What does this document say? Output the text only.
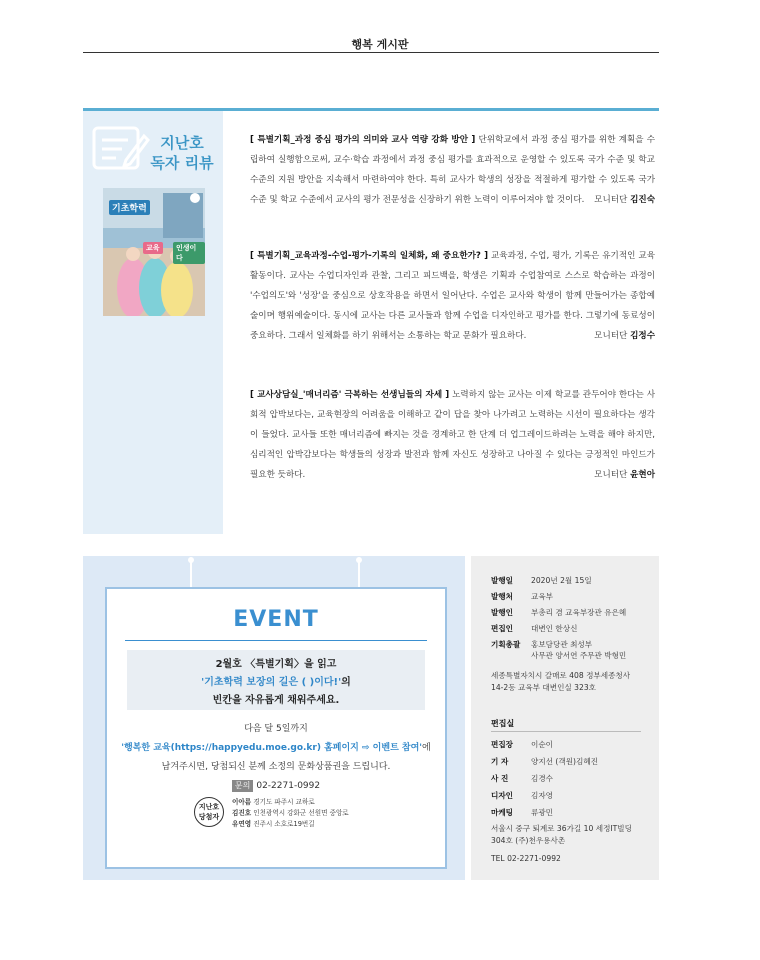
행복 게시판
지난호
독자 리뷰
기초학력
교육	인생이다
[ 특별기획_과정 중심 평가의 의미와 교사 역량 강화 방안 ] 단위학교에서 과정 중심 평가를 위한 계획을 수립하여 실행함으로써, 교수·학습 과정에서 과정 중심 평가를 효과적으로 운영할 수 있도록 국가 수준 및 학교 수준의 지원 방안을 지속해서 마련하여야 한다. 특히 교사가 학생의 성장을 적절하게 평가할 수 있도록 국가 수준 및 학교 수준에서 교사의 평가 전문성을 신장하기 위한 노력이 이루어져야 할 것이다. 모니터단 김진숙
[ 특별기획_교육과정-수업-평가-기록의 일체화, 왜 중요한가? ] 교육과정, 수업, 평가, 기록은 유기적인 교육활동이다. 교사는 수업디자인과 관찰, 그리고 피드백을, 학생은 기획과 수업참여로 스스로 학습하는 과정이 '수업의도'와 '성장'을 중심으로 상호작용을 하면서 일어난다. 수업은 교사와 학생이 함께 만들어가는 종합예술이며 행위예술이다. 동시에 교사는 다른 교사들과 함께 수업을 디자인하고 평가를 한다. 그렇기에 동료성이 중요하다. 그래서 일체화를 하기 위해서는 소통하는 학교 문화가 필요하다.	모니터단 김정수
[ 교사상담실_'매너리즘' 극복하는 선생님들의 자세 ] 노력하지 않는 교사는 이제 학교를 관두어야 한다는 사회적 압박보다는, 교육현장의 어려움을 이해하고 같이 답을 찾아 나가려고 노력하는 시선이 필요하다는 생각이 들었다. 교사들 또한 매너리즘에 빠지는 것을 경계하고 한 단계 더 업그레이드하려는 노력을 해야 하지만, 심리적인 압박감보다는 학생들의 성장과 발전과 함께 자신도 성장하고 나아질 수 있다는 긍정적인 마인드가 필요한 듯하다.	모니터단 윤현아
EVENT
2월호 〈특별기획〉을 읽고
'기초학력 보장의 길은 ( )이다!'의
빈칸을 자유롭게 채워주세요.
다음 달 5일까지
'행복한 교육(https://happyedu.moe.go.kr) 홈페이지 ⇨ 이벤트 참여'에
남겨주시면, 당첨되신 분께 소정의 문화상품권을 드립니다.
문의 02-2271-0992
지난호
당첨자
이아름 경기도 파주시 교하로
김진호 인천광역시 강화군 선원면 중앙로
유연영 진주시 소호로19번길
발행일 2020년 2월 15일
발행처 교육부
발행인 부총리 겸 교육부장관 유은혜
편집인 대변인 한상신
기획총괄 홍보담당관 최성부
사무관 양서연 주무관 박형민
세종특별자치시 갈매로 408 정부세종청사
14-2동 교육부 대변인실 323호
편집실
편집장 이순이
기 자	양지선 (객원)김혜진
사 진	김경수
디자인 김자영
마케팅 류광민
서울시 중구 퇴계로 36가길 10 세정IT빌딩
304호 (주)천우용사촌
TEL 02-2271-0992
